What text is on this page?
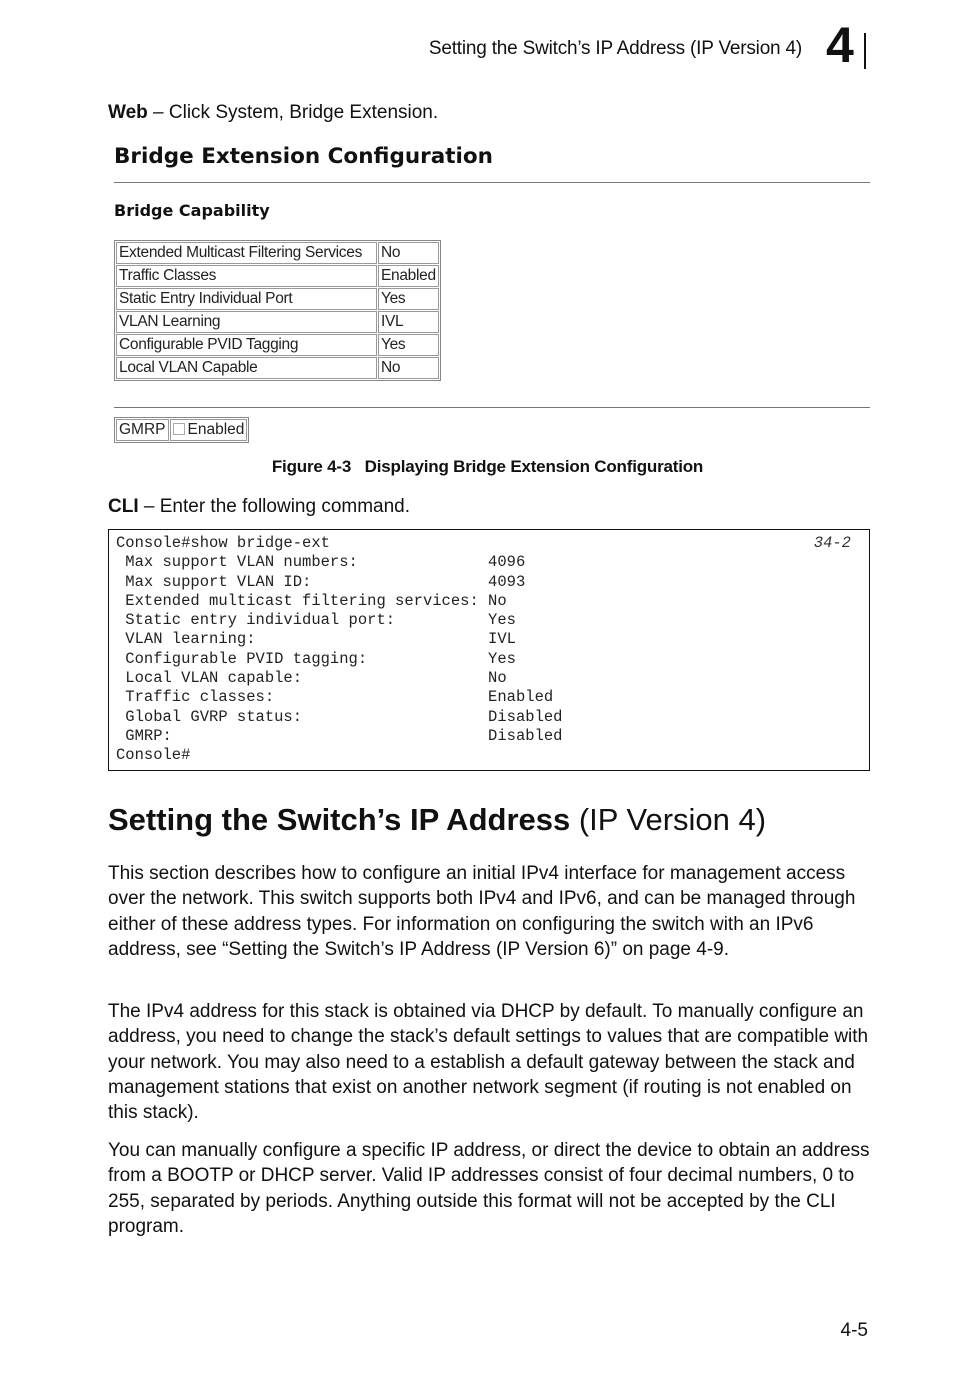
Setting the Switch’s IP Address (IP Version 4) 4
Web – Click System, Bridge Extension.
Bridge Extension Configuration
Bridge Capability
Extended Multicast Filtering Services	No
Traffic Classes	Enabled
Static Entry Individual Port	Yes
VLAN Learning	IVL
Configurable PVID Tagging	Yes
Local VLAN Capable	No
GMRP	Enabled
Figure 4-3   Displaying Bridge Extension Configuration
CLI – Enter the following command.
Console#show bridge-ext
Max support VLAN numbers:              4096
Max support VLAN ID:                   4093
Extended multicast filtering services: No
Static entry individual port:          Yes
VLAN learning:                         IVL
Configurable PVID tagging:             Yes
Local VLAN capable:                    No
Traffic classes:                       Enabled
Global GVRP status:                    Disabled
GMRP:                                  Disabled
Console#
34-2
Setting the Switch’s IP Address (IP Version 4)
This section describes how to configure an initial IPv4 interface for management access over the network. This switch supports both IPv4 and IPv6, and can be managed through either of these address types. For information on configuring the switch with an IPv6 address, see “Setting the Switch’s IP Address (IP Version 6)” on page 4-9.
The IPv4 address for this stack is obtained via DHCP by default. To manually configure an address, you need to change the stack’s default settings to values that are compatible with your network. You may also need to a establish a default gateway between the stack and management stations that exist on another network segment (if routing is not enabled on this stack).
You can manually configure a specific IP address, or direct the device to obtain an address from a BOOTP or DHCP server. Valid IP addresses consist of four decimal numbers, 0 to 255, separated by periods. Anything outside this format will not be accepted by the CLI program.
4-5
